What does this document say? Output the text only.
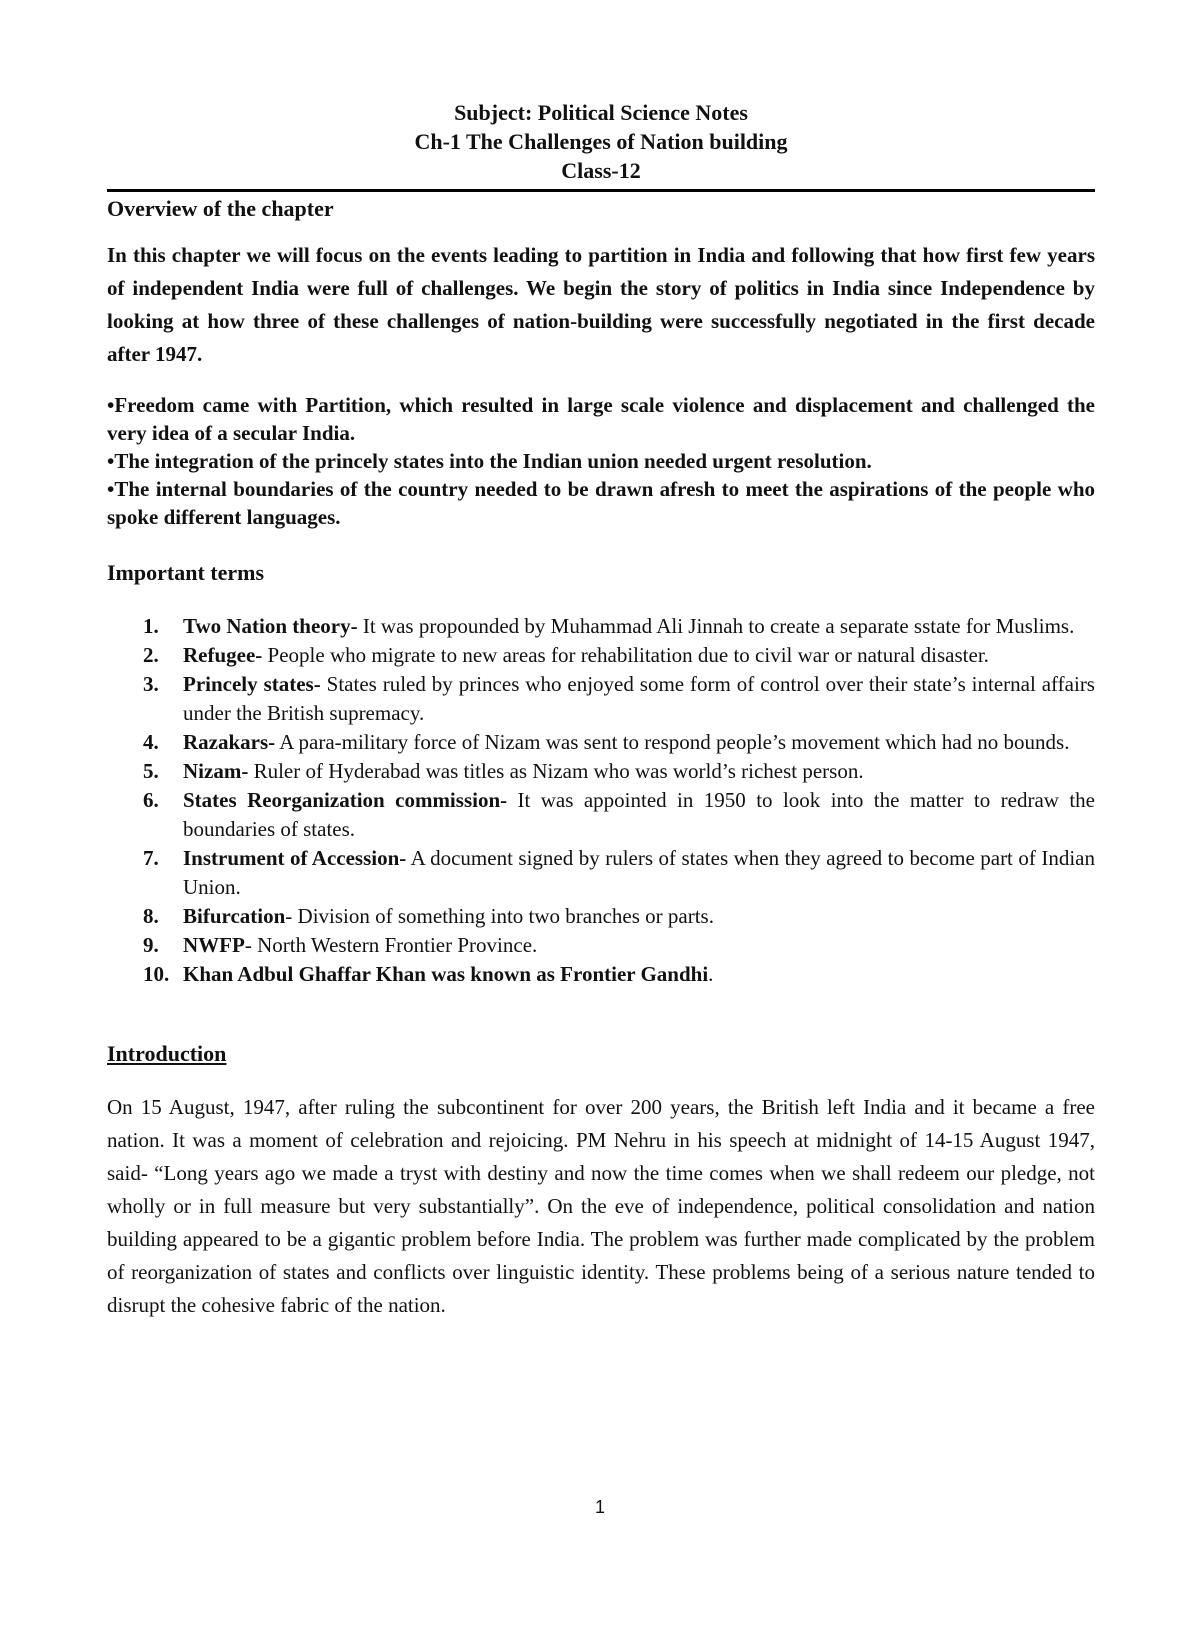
Subject: Political Science Notes
Ch-1 The Challenges of Nation building
Class-12
Overview of the chapter
In this chapter we will focus on the events leading to partition in India and following that how first few years of independent India were full of challenges. We begin the story of politics in India since Independence by looking at how three of these challenges of nation-building were successfully negotiated in the first decade after 1947.
•Freedom came with Partition, which resulted in large scale violence and displacement and challenged the very idea of a secular India.
•The integration of the princely states into the Indian union needed urgent resolution.
•The internal boundaries of the country needed to be drawn afresh to meet the aspirations of the people who spoke different languages.
Important terms
1. Two Nation theory- It was propounded by Muhammad Ali Jinnah to create a separate sstate for Muslims.
2. Refugee- People who migrate to new areas for rehabilitation due to civil war or natural disaster.
3. Princely states- States ruled by princes who enjoyed some form of control over their state’s internal affairs under the British supremacy.
4. Razakars- A para-military force of Nizam was sent to respond people’s movement which had no bounds.
5. Nizam- Ruler of Hyderabad was titles as Nizam who was world’s richest person.
6. States Reorganization commission- It was appointed in 1950 to look into the matter to redraw the boundaries of states.
7. Instrument of Accession- A document signed by rulers of states when they agreed to become part of Indian Union.
8. Bifurcation- Division of something into two branches or parts.
9. NWFP- North Western Frontier Province.
10. Khan Adbul Ghaffar Khan was known as Frontier Gandhi.
Introduction
On 15 August, 1947, after ruling the subcontinent for over 200 years, the British left India and it became a free nation. It was a moment of celebration and rejoicing. PM Nehru in his speech at midnight of 14-15 August 1947, said- “Long years ago we made a tryst with destiny and now the time comes when we shall redeem our pledge, not wholly or in full measure but very substantially”. On the eve of independence, political consolidation and nation building appeared to be a gigantic problem before India. The problem was further made complicated by the problem of reorganization of states and conflicts over linguistic identity. These problems being of a serious nature tended to disrupt the cohesive fabric of the nation.
1
